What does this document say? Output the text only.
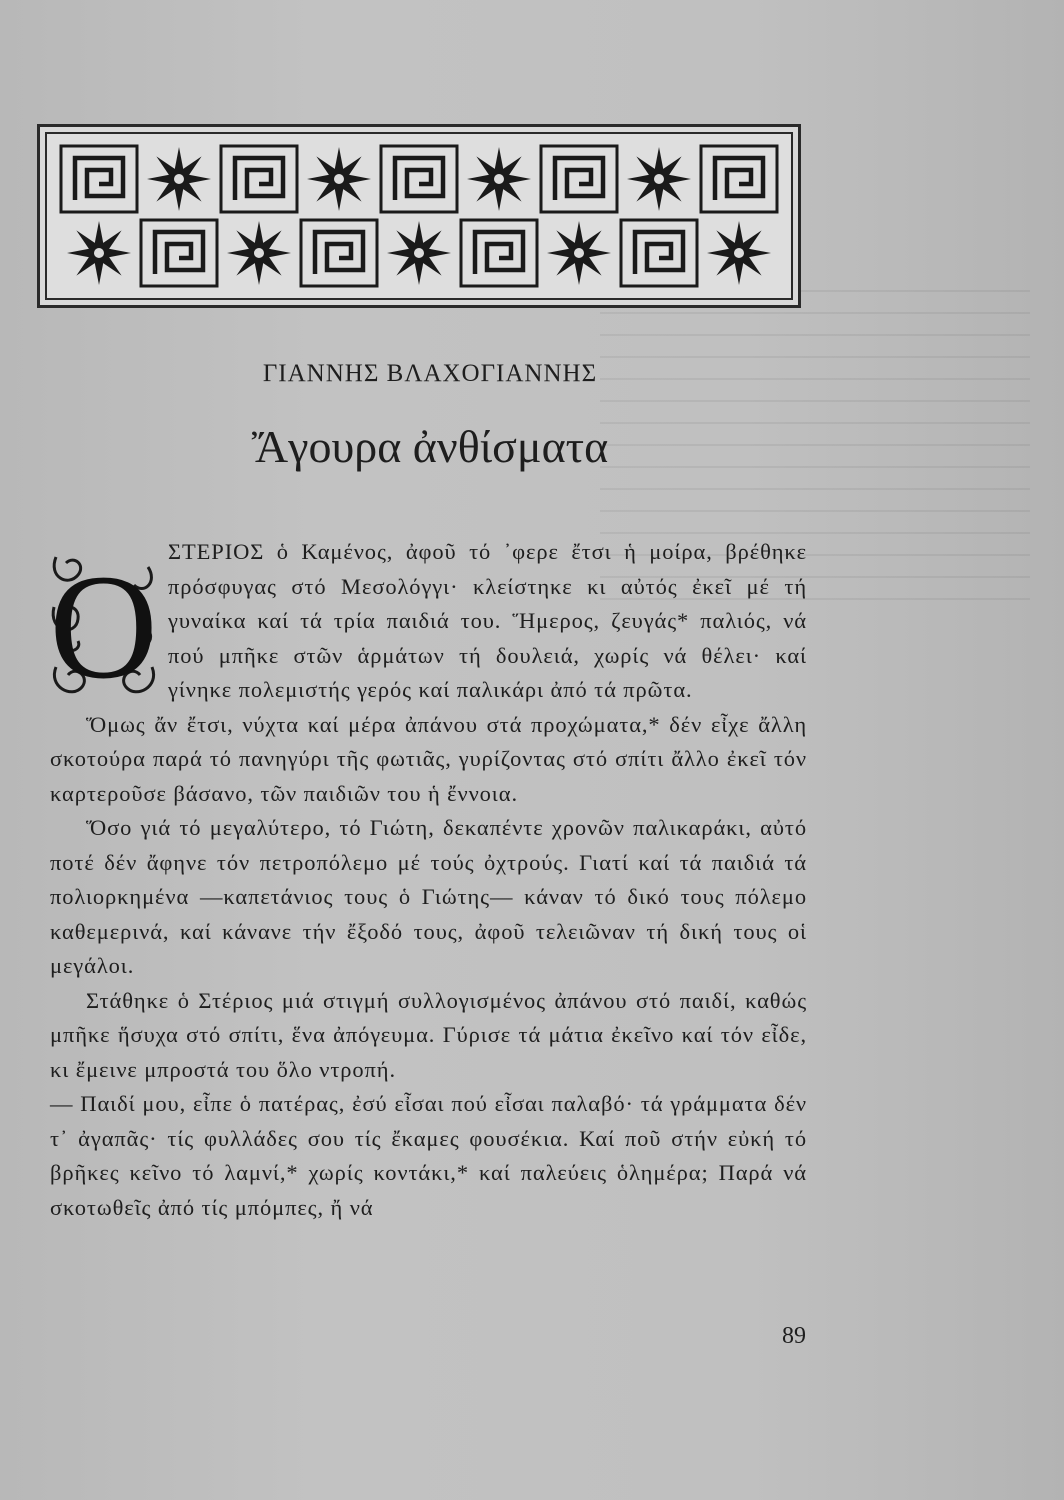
ΓΙΑΝΝΗΣ ΒΛΑΧΟΓΙΑΝΝΗΣ
Ἄγουρα ἀνθίσματα
Ο ΣΤΕΡΙΟΣ ὁ Καμένος, ἀφοῦ τό ᾽φερε ἔτσι ἡ μοίρα, βρέθηκε πρόσφυγας στό Μεσολόγγι· κλείστηκε κι αὐτός ἐκεῖ μέ τή γυναίκα καί τά τρία παιδιά του. Ἥμερος, ζευγάς* παλιός, νά πού μπῆκε στῶν ἁρμάτων τή δουλειά, χωρίς νά θέλει· καί γίνηκε πολεμιστής γερός καί παλικάρι ἀπό τά πρῶτα.

Ὅμως ἄν ἔτσι, νύχτα καί μέρα ἀπάνου στά προχώματα,* δέν εἶχε ἄλλη σκοτούρα παρά τό πανηγύρι τῆς φωτιᾶς, γυρίζοντας στό σπίτι ἄλλο ἐκεῖ τόν καρτεροῦσε βάσανο, τῶν παιδιῶν του ἡ ἔννοια.

Ὅσο γιά τό μεγαλύτερο, τό Γιώτη, δεκαπέντε χρονῶν παλικαράκι, αὐτό ποτέ δέν ἄφηνε τόν πετροπόλεμο μέ τούς ὀχτρούς. Γιατί καί τά παιδιά τά πολιορκημένα —καπετάνιος τους ὁ Γιώτης— κάναν τό δικό τους πόλεμο καθεμερινά, καί κάνανε τήν ἔξοδό τους, ἀφοῦ τελειῶναν τή δική τους οἱ μεγάλοι.

Στάθηκε ὁ Στέριος μιά στιγμή συλλογισμένος ἀπάνου στό παιδί, καθώς μπῆκε ἥσυχα στό σπίτι, ἕνα ἀπόγευμα. Γύρισε τά μάτια ἐκεῖνο καί τόν εἶδε, κι ἔμεινε μπροστά του ὅλο ντροπή.

— Παιδί μου, εἶπε ὁ πατέρας, ἐσύ εἶσαι πού εἶσαι παλαβό· τά γράμματα δέν τ᾽ ἀγαπᾶς· τίς φυλλάδες σου τίς ἔκαμες φουσέκια. Καί ποῦ στήν εὐκή τό βρῆκες κεῖνο τό λαμνί,* χωρίς κοντάκι,* καί παλεύεις ὁλημέρα; Παρά νά σκοτωθεῖς ἀπό τίς μπόμπες, ἤ νά

89
